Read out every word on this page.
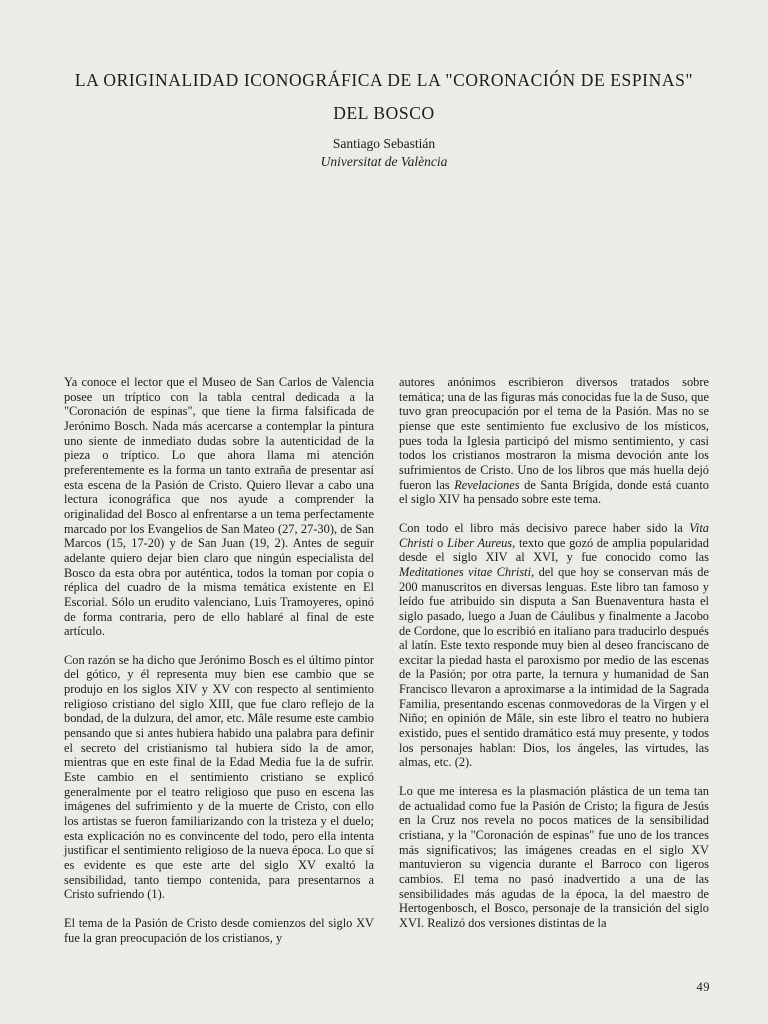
LA ORIGINALIDAD ICONOGRÁFICA DE LA "CORONACIÓN DE ESPINAS" DEL BOSCO

Santiago Sebastián

Universitat de València

Ya conoce el lector que el Museo de San Carlos de Valencia posee un tríptico con la tabla central dedicada a la "Coronación de espinas", que tiene la firma falsificada de Jerónimo Bosch. Nada más acercarse a contemplar la pintura uno siente de inmediato dudas sobre la autenticidad de la pieza o tríptico. Lo que ahora llama mi atención preferentemente es la forma un tanto extraña de presentar así esta escena de la Pasión de Cristo. Quiero llevar a cabo una lectura iconográfica que nos ayude a comprender la originalidad del Bosco al enfrentarse a un tema perfectamente marcado por los Evangelios de San Mateo (27, 27-30), de San Marcos (15, 17-20) y de San Juan (19, 2). Antes de seguir adelante quiero dejar bien claro que ningún especialista del Bosco da esta obra por auténtica, todos la toman por copia o réplica del cuadro de la misma temática existente en El Escorial. Sólo un erudito valenciano, Luis Tramoyeres, opinó de forma contraria, pero de ello hablaré al final de este artículo.

Con razón se ha dicho que Jerónimo Bosch es el último pintor del gótico, y él representa muy bien ese cambio que se produjo en los siglos XIV y XV con respecto al sentimiento religioso cristiano del siglo XIII, que fue claro reflejo de la bondad, de la dulzura, del amor, etc. Mâle resume este cambio pensando que si antes hubiera habido una palabra para definir el secreto del cristianismo tal hubiera sido la de amor, mientras que en este final de la Edad Media fue la de sufrir. Este cambio en el sentimiento cristiano se explicó generalmente por el teatro religioso que puso en escena las imágenes del sufrimiento y de la muerte de Cristo, con ello los artistas se fueron familiarizando con la tristeza y el duelo; esta explicación no es convincente del todo, pero ella intenta justificar el sentimiento religioso de la nueva época. Lo que sí es evidente es que este arte del siglo XV exaltó la sensibilidad, tanto tiempo contenida, para presentarnos a Cristo sufriendo (1).

El tema de la Pasión de Cristo desde comienzos del siglo XV fue la gran preocupación de los cristianos, y

autores anónimos escribieron diversos tratados sobre temática; una de las figuras más conocidas fue la de Suso, que tuvo gran preocupación por el tema de la Pasión. Mas no se piense que este sentimiento fue exclusivo de los místicos, pues toda la Iglesia participó del mismo sentimiento, y casi todos los cristianos mostraron la misma devoción ante los sufrimientos de Cristo. Uno de los libros que más huella dejó fueron las Revelaciones de Santa Brígida, donde está cuanto el siglo XIV ha pensado sobre este tema.

Con todo el libro más decisivo parece haber sido la Vita Christi o Liber Aureus, texto que gozó de amplia popularidad desde el siglo XIV al XVI, y fue conocido como las Meditationes vitae Christi, del que hoy se conservan más de 200 manuscritos en diversas lenguas. Este libro tan famoso y leído fue atribuido sin disputa a San Buenaventura hasta el siglo pasado, luego a Juan de Cáulibus y finalmente a Jacobo de Cordone, que lo escribió en italiano para traducirlo después al latín. Este texto responde muy bien al deseo franciscano de excitar la piedad hasta el paroxismo por medio de las escenas de la Pasión; por otra parte, la ternura y humanidad de San Francisco llevaron a aproximarse a la intimidad de la Sagrada Familia, presentando escenas conmovedoras de la Virgen y el Niño; en opinión de Mâle, sin este libro el teatro no hubiera existido, pues el sentido dramático está muy presente, y todos los personajes hablan: Dios, los ángeles, las virtudes, las almas, etc. (2).

Lo que me interesa es la plasmación plástica de un tema tan de actualidad como fue la Pasión de Cristo; la figura de Jesús en la Cruz nos revela no pocos matices de la sensibilidad cristiana, y la "Coronación de espinas" fue uno de los trances más significativos; las imágenes creadas en el siglo XV mantuvieron su vigencia durante el Barroco con ligeros cambios. El tema no pasó inadvertido a una de las sensibilidades más agudas de la época, la del maestro de Hertogenbosch, el Bosco, personaje de la transición del siglo XVI. Realizó dos versiones distintas de la

49
